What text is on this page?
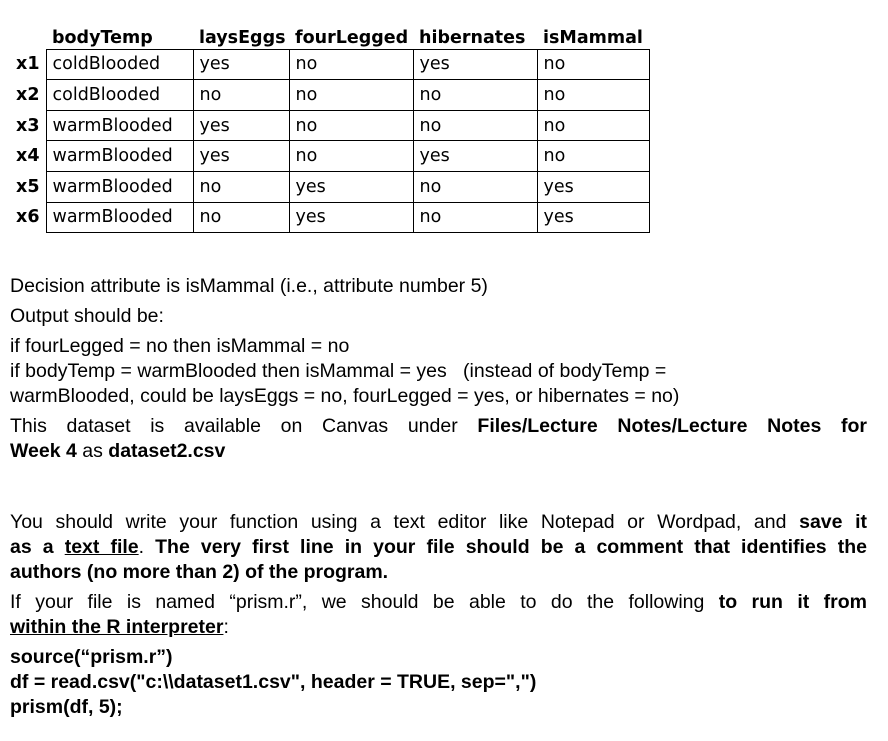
	bodyTemp	laysEggs	fourLegged	hibernates	isMammal
x1	coldBlooded	yes	no	yes	no
x2	coldBlooded	no	no	no	no
x3	warmBlooded	yes	no	no	no
x4	warmBlooded	yes	no	yes	no
x5	warmBlooded	no	yes	no	yes
x6	warmBlooded	no	yes	no	yes

Decision attribute is isMammal (i.e., attribute number 5)

Output should be:

if fourLegged = no then isMammal = no

if bodyTemp = warmBlooded then isMammal = yes   (instead of bodyTemp =

warmBlooded, could be laysEggs = no, fourLegged = yes, or hibernates = no)

This dataset is available on Canvas under Files/Lecture Notes/Lecture Notes for

Week 4 as dataset2.csv

You should write your function using a text editor like Notepad or Wordpad, and save it

as a text file. The very first line in your file should be a comment that identifies the

authors (no more than 2) of the program.

If your file is named “prism.r”, we should be able to do the following to run it from

within the R interpreter:

source(“prism.r”)

df = read.csv("c:\\dataset1.csv", header = TRUE, sep=",")

prism(df, 5);
